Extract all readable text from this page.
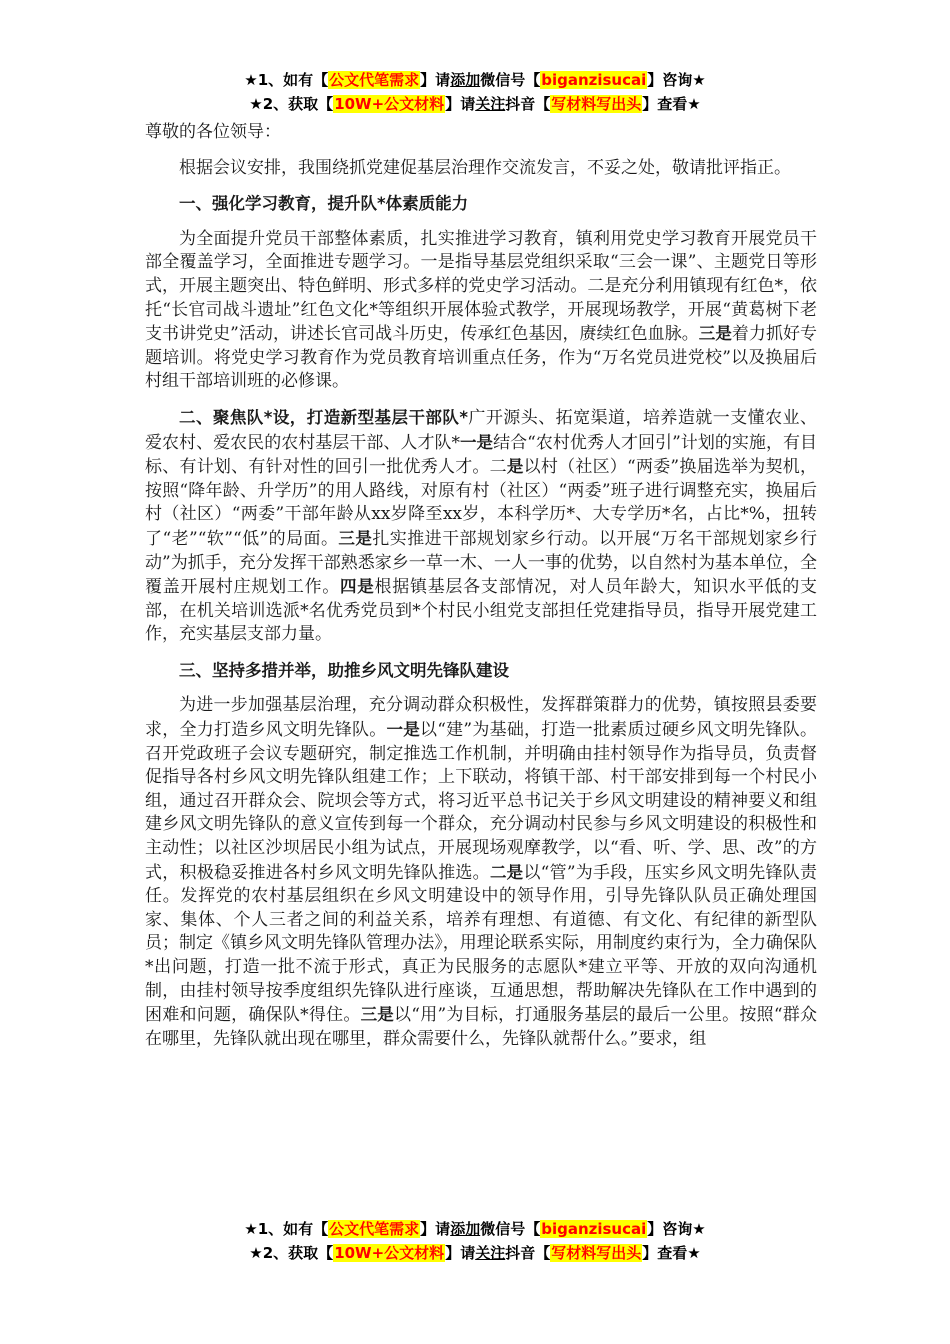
★1、如有【公文代笔需求】请添加微信号【biganzisucai】咨询★
★2、获取【10W+公文材料】请关注抖音【写材料写出头】查看★

尊敬的各位领导：

根据会议安排，我围绕抓党建促基层治理作交流发言，不妥之处，敬请批评指正。

一、强化学习教育，提升队*体素质能力

为全面提升党员干部整体素质，扎实推进学习教育，镇利用党史学习教育开展党员干部全覆盖学习，全面推进专题学习。一是指导基层党组织采取“三会一课”、主题党日等形式，开展主题突出、特色鲜明、形式多样的党史学习活动。二是充分利用镇现有红色*，依托“长官司战斗遗址”红色文化*等组织开展体验式教学，开展现场教学，开展“黄葛树下老支书讲党史”活动，讲述长官司战斗历史，传承红色基因，赓续红色血脉。三是着力抓好专题培训。将党史学习教育作为党员教育培训重点任务，作为“万名党员进党校”以及换届后村组干部培训班的必修课。

二、聚焦队*设，打造新型基层干部队*广开源头、拓宽渠道，培养造就一支懂农业、爱农村、爱农民的农村基层干部、人才队*一是结合“农村优秀人才回引”计划的实施，有目标、有计划、有针对性的回引一批优秀人才。二是以村（社区）“两委”换届选举为契机，按照“降年龄、升学历”的用人路线，对原有村（社区）“两委”班子进行调整充实，换届后村（社区）“两委”干部年龄从xx岁降至xx岁，本科学历*、大专学历*名，占比*%，扭转了“老”“软”“低”的局面。三是扎实推进干部规划家乡行动。以开展“万名干部规划家乡行动”为抓手，充分发挥干部熟悉家乡一草一木、一人一事的优势，以自然村为基本单位，全覆盖开展村庄规划工作。四是根据镇基层各支部情况，对人员年龄大，知识水平低的支部，在机关培训选派*名优秀党员到*个村民小组党支部担任党建指导员，指导开展党建工作，充实基层支部力量。

三、坚持多措并举，助推乡风文明先锋队建设

为进一步加强基层治理，充分调动群众积极性，发挥群策群力的优势，镇按照县委要求，全力打造乡风文明先锋队。一是以“建”为基础，打造一批素质过硬乡风文明先锋队。召开党政班子会议专题研究，制定推选工作机制，并明确由挂村领导作为指导员，负责督促指导各村乡风文明先锋队组建工作；上下联动，将镇干部、村干部安排到每一个村民小组，通过召开群众会、院坝会等方式，将习近平总书记关于乡风文明建设的精神要义和组建乡风文明先锋队的意义宣传到每一个群众，充分调动村民参与乡风文明建设的积极性和主动性；以社区沙坝居民小组为试点，开展现场观摩教学，以“看、听、学、思、改”的方式，积极稳妥推进各村乡风文明先锋队推选。二是以“管”为手段，压实乡风文明先锋队责任。发挥党的农村基层组织在乡风文明建设中的领导作用，引导先锋队队员正确处理国家、集体、个人三者之间的利益关系，培养有理想、有道德、有文化、有纪律的新型队员；制定《镇乡风文明先锋队管理办法》，用理论联系实际，用制度约束行为，全力确保队*出问题，打造一批不流于形式，真正为民服务的志愿队*建立平等、开放的双向沟通机制，由挂村领导按季度组织先锋队进行座谈，互通思想，帮助解决先锋队在工作中遇到的困难和问题，确保队*得住。三是以“用”为目标，打通服务基层的最后一公里。按照“群众在哪里，先锋队就出现在哪里，群众需要什么，先锋队就帮什么。”要求，组

★1、如有【公文代笔需求】请添加微信号【biganzisucai】咨询★
★2、获取【10W+公文材料】请关注抖音【写材料写出头】查看★
